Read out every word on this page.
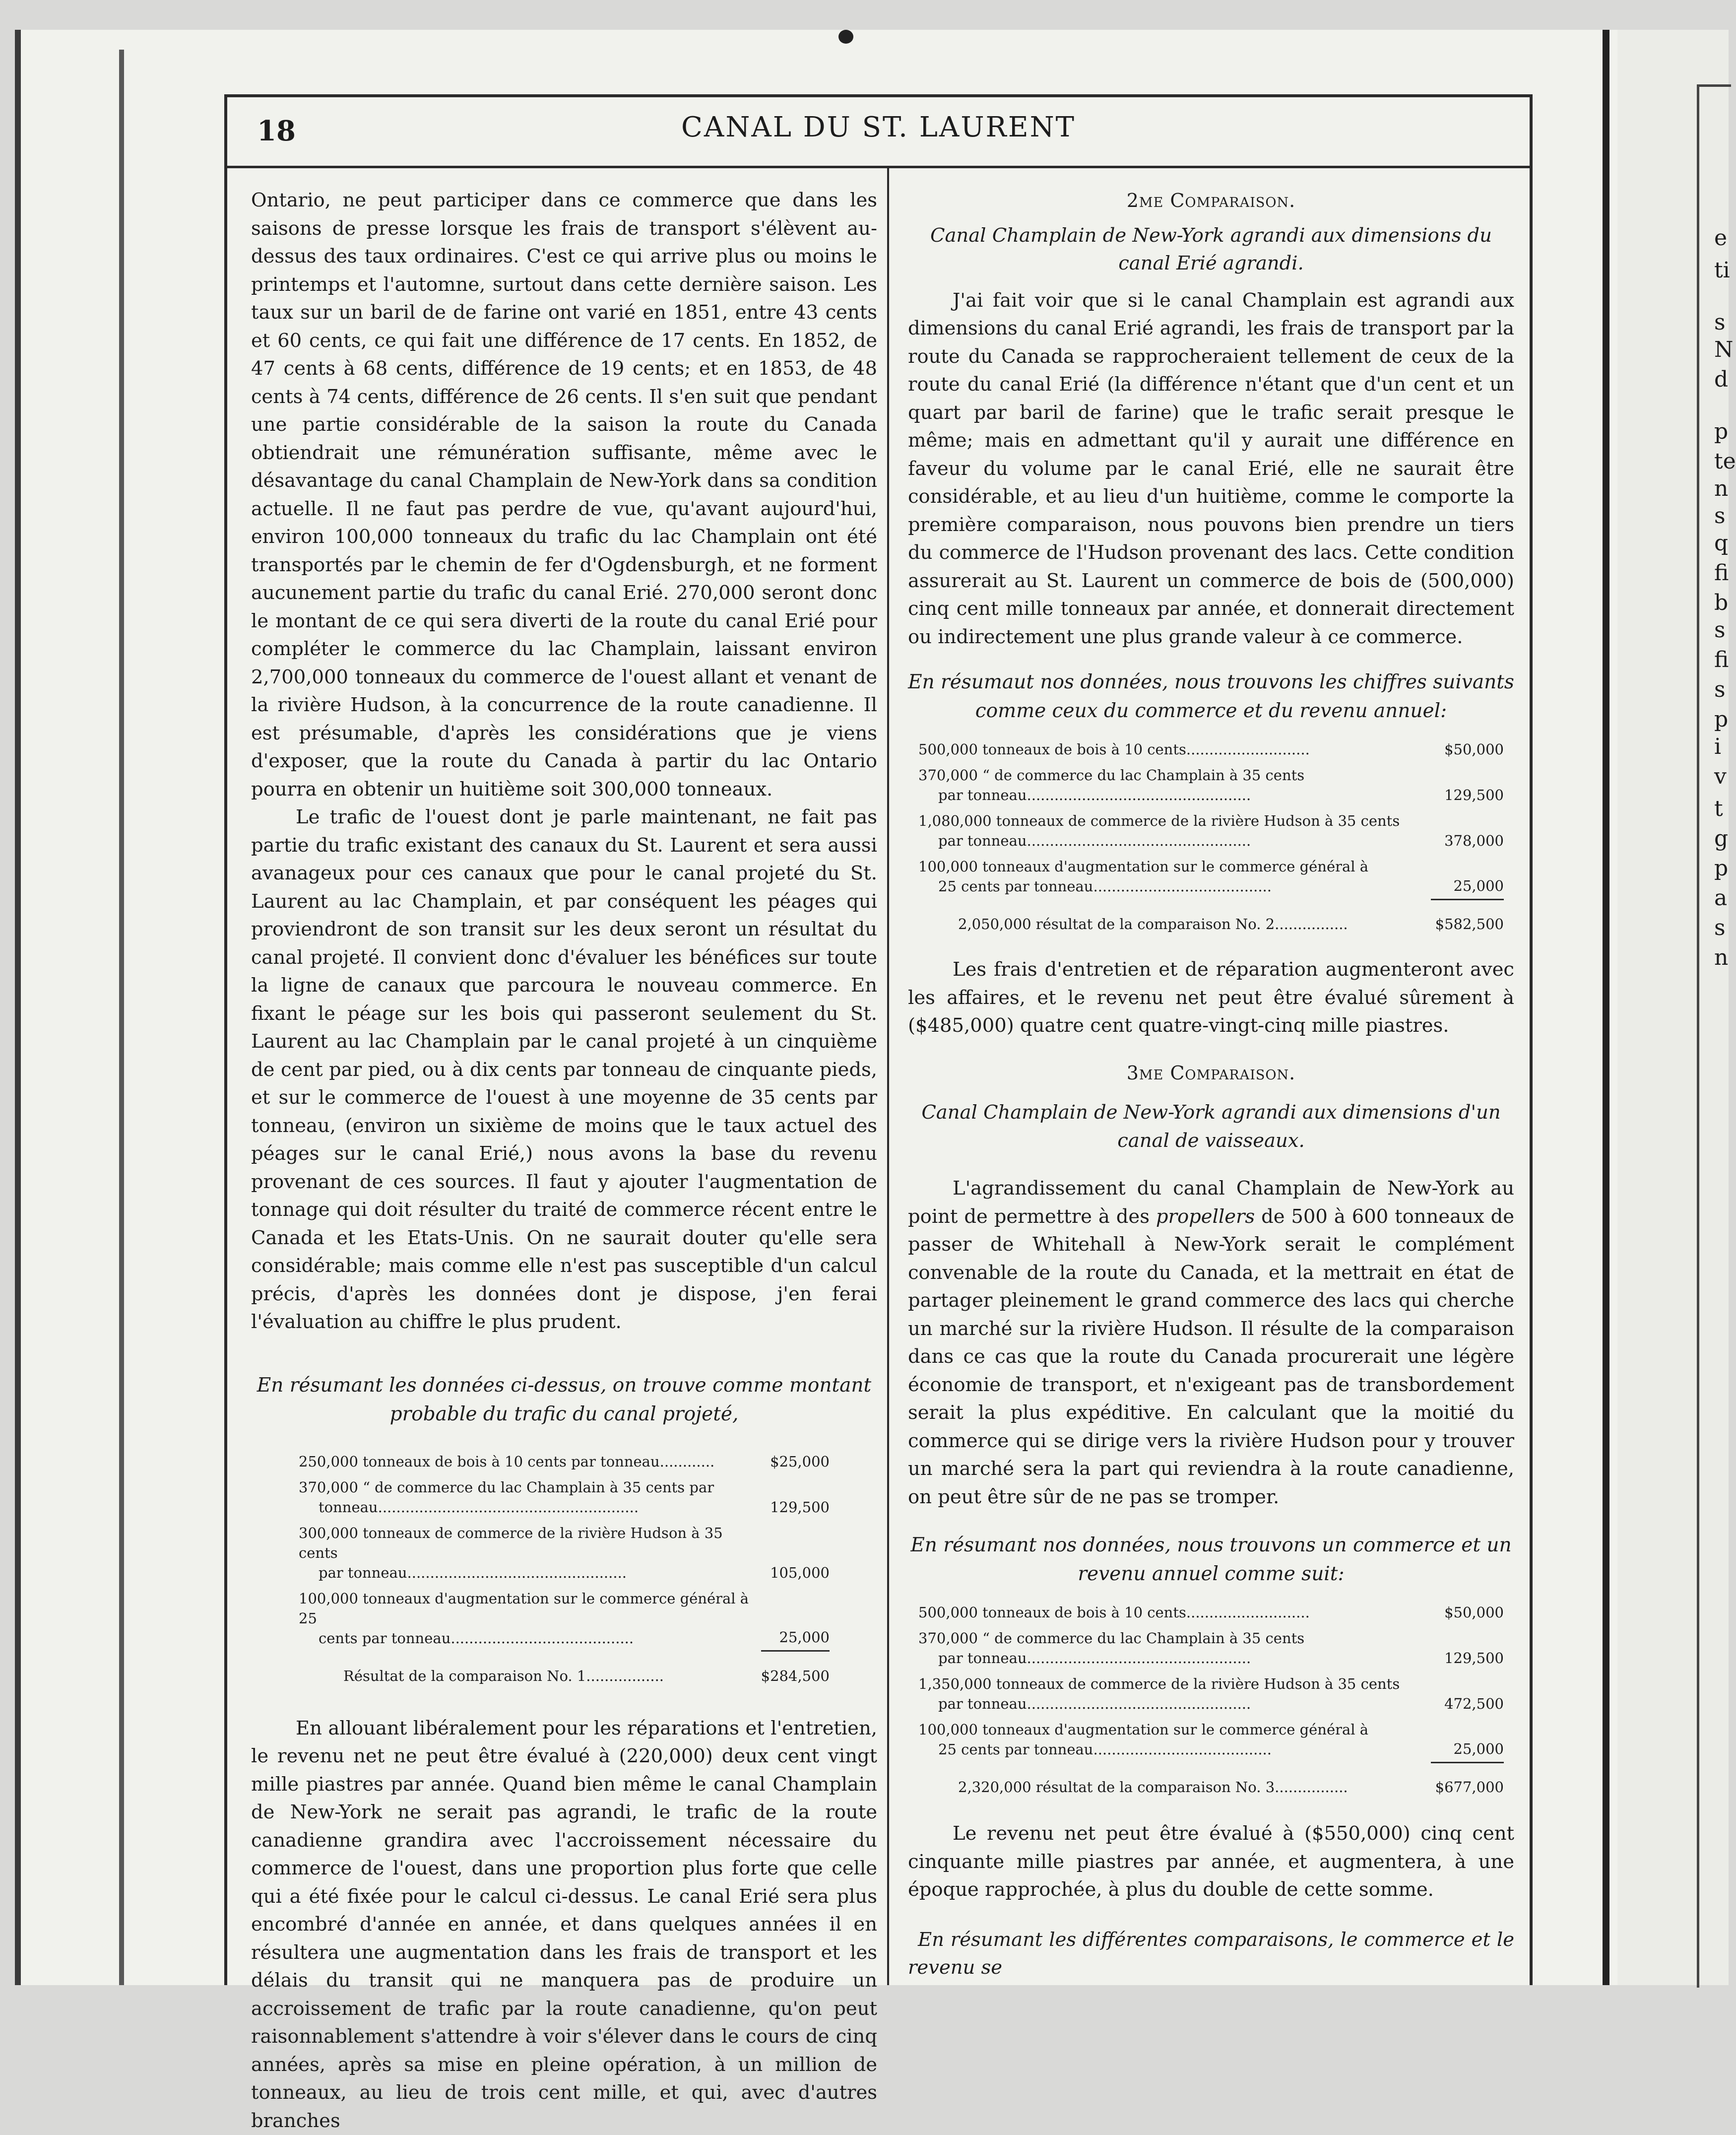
e
ti
s
N
d
p
te
n
s
q
fi
b
s
fi
s
p
i
v
t
g
p
a
s
n
18	CANAL DU ST. LAURENT

Ontario, ne peut participer dans ce commerce que dans les saisons de presse lorsque les frais de transport s'élèvent au-dessus des taux ordinaires. C'est ce qui arrive plus ou moins le printemps et l'automne, surtout dans cette dernière saison. Les taux sur un baril de de farine ont varié en 1851, entre 43 cents et 60 cents, ce qui fait une différence de 17 cents. En 1852, de 47 cents à 68 cents, différence de 19 cents; et en 1853, de 48 cents à 74 cents, différence de 26 cents. Il s'en suit que pendant une partie considérable de la saison la route du Canada obtiendrait une rémunération suffisante, même avec le désavantage du canal Champlain de New-York dans sa condition actuelle. Il ne faut pas perdre de vue, qu'avant aujourd'hui, environ 100,000 tonneaux du trafic du lac Champlain ont été transportés par le chemin de fer d'Ogdensburgh, et ne forment aucunement partie du trafic du canal Erié. 270,000 seront donc le montant de ce qui sera diverti de la route du canal Erié pour compléter le commerce du lac Champlain, laissant environ 2,700,000 tonneaux du commerce de l'ouest allant et venant de la rivière Hudson, à la concurrence de la route canadienne. Il est présumable, d'après les considérations que je viens d'exposer, que la route du Canada à partir du lac Ontario pourra en obtenir un huitième soit 300,000 tonneaux.

Le trafic de l'ouest dont je parle maintenant, ne fait pas partie du trafic existant des canaux du St. Laurent et sera aussi avanageux pour ces canaux que pour le canal projeté du St. Laurent au lac Champlain, et par conséquent les péages qui proviendront de son transit sur les deux seront un résultat du canal projeté. Il convient donc d'évaluer les bénéfices sur toute la ligne de canaux que parcoura le nouveau commerce. En fixant le péage sur les bois qui passeront seulement du St. Laurent au lac Champlain par le canal projeté à un cinquième de cent par pied, ou à dix cents par tonneau de cinquante pieds, et sur le commerce de l'ouest à une moyenne de 35 cents par tonneau, (environ un sixième de moins que le taux actuel des péages sur le canal Erié,) nous avons la base du revenu provenant de ces sources. Il faut y ajouter l'augmentation de tonnage qui doit résulter du traité de commerce récent entre le Canada et les Etats-Unis. On ne saurait douter qu'elle sera considérable; mais comme elle n'est pas susceptible d'un calcul précis, d'après les données dont je dispose, j'en ferai l'évaluation au chiffre le plus prudent.

En résumant les données ci-dessus, on trouve comme montant probable du trafic du canal projeté,

250,000 tonneaux de bois à 10 cents par tonneau............	$25,000

370,000 “ de commerce du lac Champlain à 35 cents par
tonneau.........................................................	129,500

300,000 tonneaux de commerce de la rivière Hudson à 35 cents
par tonneau................................................	105,000

100,000 tonneaux d'augmentation sur le commerce général à 25
cents par tonneau........................................	25,000
Résultat de la comparaison No. 1.................	$284,500

En allouant libéralement pour les réparations et l'entretien, le revenu net ne peut être évalué à (220,000) deux cent vingt mille piastres par année. Quand bien même le canal Champlain de New-York ne serait pas agrandi, le trafic de la route canadienne grandira avec l'accroissement nécessaire du commerce de l'ouest, dans une proportion plus forte que celle qui a été fixée pour le calcul ci-dessus. Le canal Erié sera plus encombré d'année en année, et dans quelques années il en résultera une augmentation dans les frais de transport et les délais du transit qui ne manquera pas de produire un accroissement de trafic par la route canadienne, qu'on peut raisonnablement s'attendre à voir s'élever dans le cours de cinq années, après sa mise en pleine opération, à un million de tonneaux, au lieu de trois cent mille, et qui, avec d'autres branches

2me Comparaison.

Canal Champlain de New-York agrandi aux dimensions du canal Erié agrandi.

J'ai fait voir que si le canal Champlain est agrandi aux dimensions du canal Erié agrandi, les frais de transport par la route du Canada se rapprocheraient tellement de ceux de la route du canal Erié (la différence n'étant que d'un cent et un quart par baril de farine) que le trafic serait presque le même; mais en admettant qu'il y aurait une différence en faveur du volume par le canal Erié, elle ne saurait être considérable, et au lieu d'un huitième, comme le comporte la première comparaison, nous pouvons bien prendre un tiers du commerce de l'Hudson provenant des lacs. Cette condition assurerait au St. Laurent un commerce de bois de (500,000) cinq cent mille tonneaux par année, et donnerait directement ou indirectement une plus grande valeur à ce commerce.

En résumaut nos données, nous trouvons les chiffres suivants comme ceux du commerce et du revenu annuel:

500,000 tonneaux de bois à 10 cents...........................	$50,000

370,000 “ de commerce du lac Champlain à 35 cents
par tonneau.................................................	129,500

1,080,000 tonneaux de commerce de la rivière Hudson à 35 cents
par tonneau.................................................	378,000

100,000 tonneaux d'augmentation sur le commerce général à
25 cents par tonneau.......................................	25,000
2,050,000 résultat de la comparaison No. 2................	$582,500

Les frais d'entretien et de réparation augmenteront avec les affaires, et le revenu net peut être évalué sûrement à ($485,000) quatre cent quatre-vingt-cinq mille piastres.

3me Comparaison.

Canal Champlain de New-York agrandi aux dimensions d'un canal de vaisseaux.

L'agrandissement du canal Champlain de New-York au point de permettre à des propellers de 500 à 600 tonneaux de passer de Whitehall à New-York serait le complément convenable de la route du Canada, et la mettrait en état de partager pleinement le grand commerce des lacs qui cherche un marché sur la rivière Hudson. Il résulte de la comparaison dans ce cas que la route du Canada procurerait une légère économie de transport, et n'exigeant pas de transbordement serait la plus expéditive. En calculant que la moitié du commerce qui se dirige vers la rivière Hudson pour y trouver un marché sera la part qui reviendra à la route canadienne, on peut être sûr de ne pas se tromper.

En résumant nos données, nous trouvons un commerce et un revenu annuel comme suit:

500,000 tonneaux de bois à 10 cents...........................	$50,000

370,000 “ de commerce du lac Champlain à 35 cents
par tonneau.................................................	129,500

1,350,000 tonneaux de commerce de la rivière Hudson à 35 cents
par tonneau.................................................	472,500

100,000 tonneaux d'augmentation sur le commerce général à
25 cents par tonneau.......................................	25,000
2,320,000 résultat de la comparaison No. 3................	$677,000

Le revenu net peut être évalué à ($550,000) cinq cent cinquante mille piastres par année, et augmentera, à une époque rapprochée, à plus du double de cette somme.

En résumant les différentes comparaisons, le commerce et le revenu se
